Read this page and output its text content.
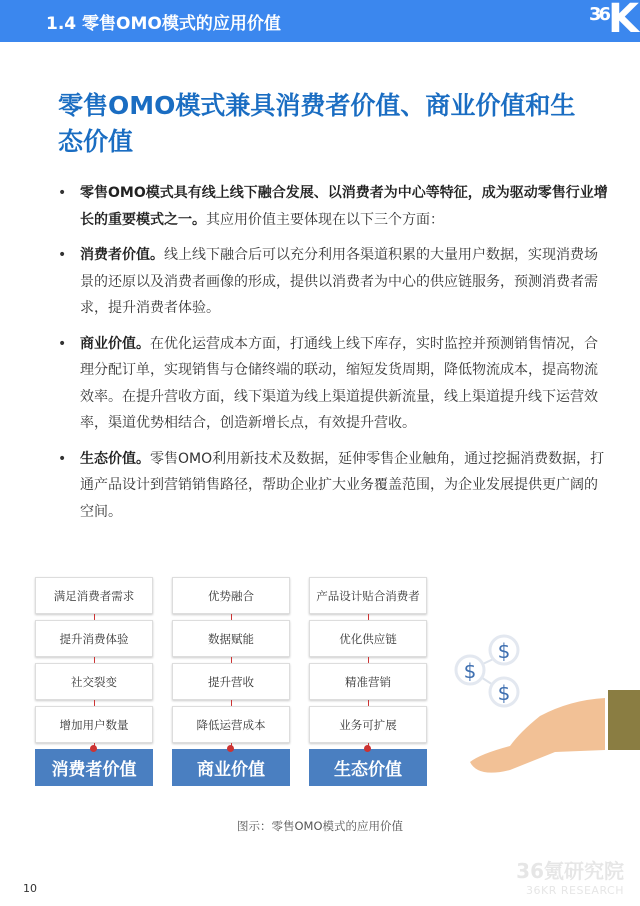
1.4 零售OMO模式的应用价值	$^{36}$K
零售OMO模式兼具消费者价值、商业价值和生态价值
• 零售OMO模式具有线上线下融合发展、以消费者为中心等特征，成为驱动零售行业增长的重要模式之一。其应用价值主要体现在以下三个方面：
• 消费者价值。线上线下融合后可以充分利用各渠道积累的大量用户数据，实现消费场景的还原以及消费者画像的形成，提供以消费者为中心的供应链服务，预测消费者需求，提升消费者体验。
• 商业价值。在优化运营成本方面，打通线上线下库存，实时监控并预测销售情况，合理分配订单，实现销售与仓储终端的联动，缩短发货周期，降低物流成本，提高物流效率。在提升营收方面，线下渠道为线上渠道提供新流量，线上渠道提升线下运营效率，渠道优势相结合，创造新增长点，有效提升营收。
• 生态价值。零售OMO利用新技术及数据，延伸零售企业触角，通过挖掘消费数据，打通产品设计到营销销售路径，帮助企业扩大业务覆盖范围，为企业发展提供更广阔的空间。
满足消费者需求
提升消费体验
社交裂变
增加用户数量
消费者价值
优势融合
数据赋能
提升营收
降低运营成本
商业价值
产品设计贴合消费者
优化供应链
精准营销
业务可扩展
生态价值
$
$
$
图示：零售OMO模式的应用价值
10
36氪研究院
36KR RESEARCH
